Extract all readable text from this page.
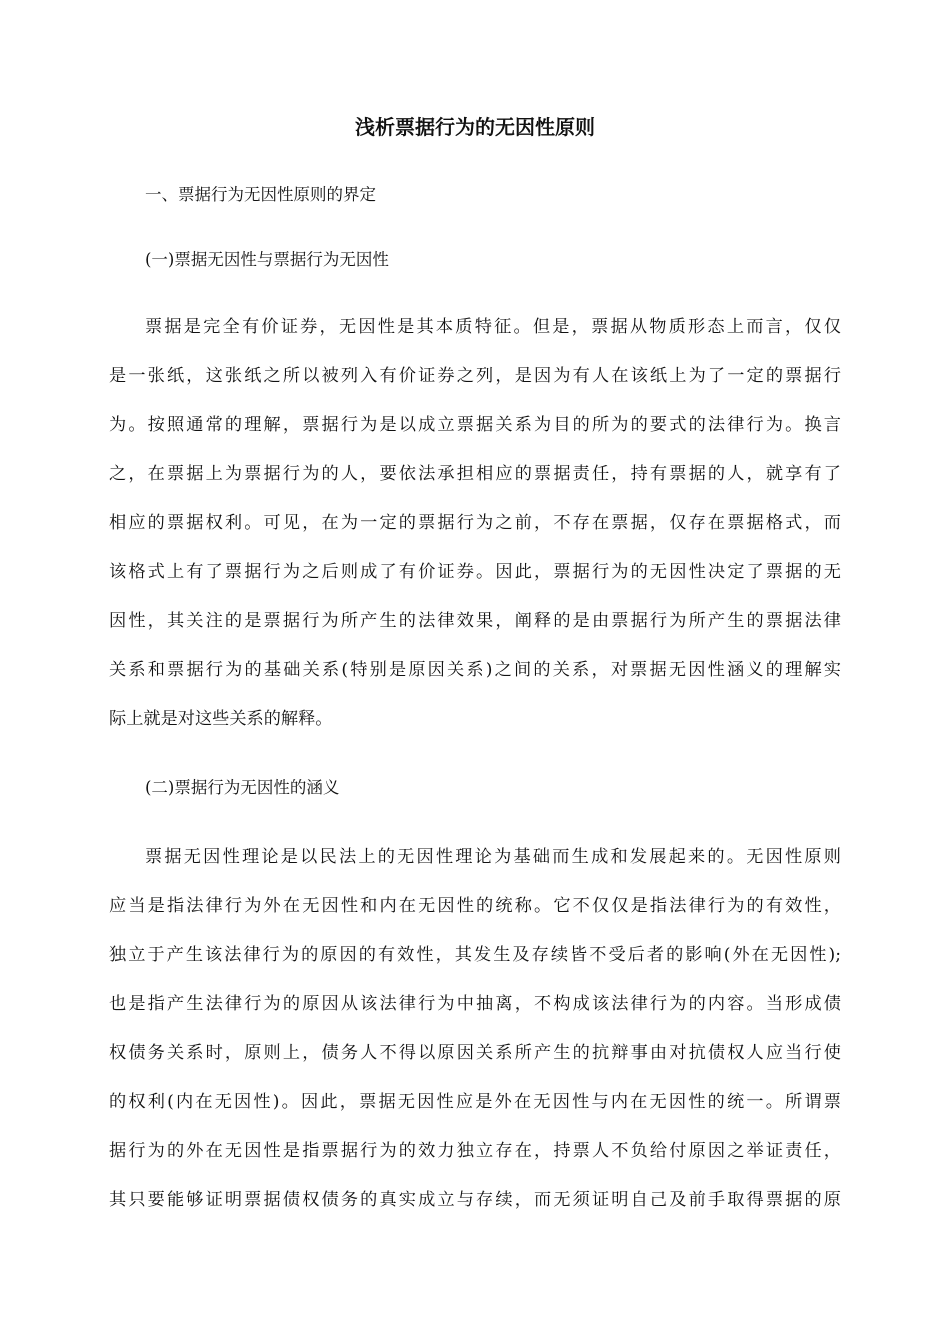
浅析票据行为的无因性原则

一、票据行为无因性原则的界定

(一)票据无因性与票据行为无因性

票据是完全有价证券，无因性是其本质特征。但是，票据从物质形态上而言，仅仅

是一张纸，这张纸之所以被列入有价证券之列，是因为有人在该纸上为了一定的票据行

为。按照通常的理解，票据行为是以成立票据关系为目的所为的要式的法律行为。换言

之，在票据上为票据行为的人，要依法承担相应的票据责任，持有票据的人，就享有了

相应的票据权利。可见，在为一定的票据行为之前，不存在票据，仅存在票据格式，而

该格式上有了票据行为之后则成了有价证券。因此，票据行为的无因性决定了票据的无

因性，其关注的是票据行为所产生的法律效果，阐释的是由票据行为所产生的票据法律

关系和票据行为的基础关系(特别是原因关系)之间的关系，对票据无因性涵义的理解实

际上就是对这些关系的解释。

(二)票据行为无因性的涵义

票据无因性理论是以民法上的无因性理论为基础而生成和发展起来的。无因性原则

应当是指法律行为外在无因性和内在无因性的统称。它不仅仅是指法律行为的有效性，

独立于产生该法律行为的原因的有效性，其发生及存续皆不受后者的影响(外在无因性);

也是指产生法律行为的原因从该法律行为中抽离，不构成该法律行为的内容。当形成债

权债务关系时，原则上，债务人不得以原因关系所产生的抗辩事由对抗债权人应当行使

的权利(内在无因性)。因此，票据无因性应是外在无因性与内在无因性的统一。所谓票

据行为的外在无因性是指票据行为的效力独立存在，持票人不负给付原因之举证责任，

其只要能够证明票据债权债务的真实成立与存续，而无须证明自己及前手取得票据的原
